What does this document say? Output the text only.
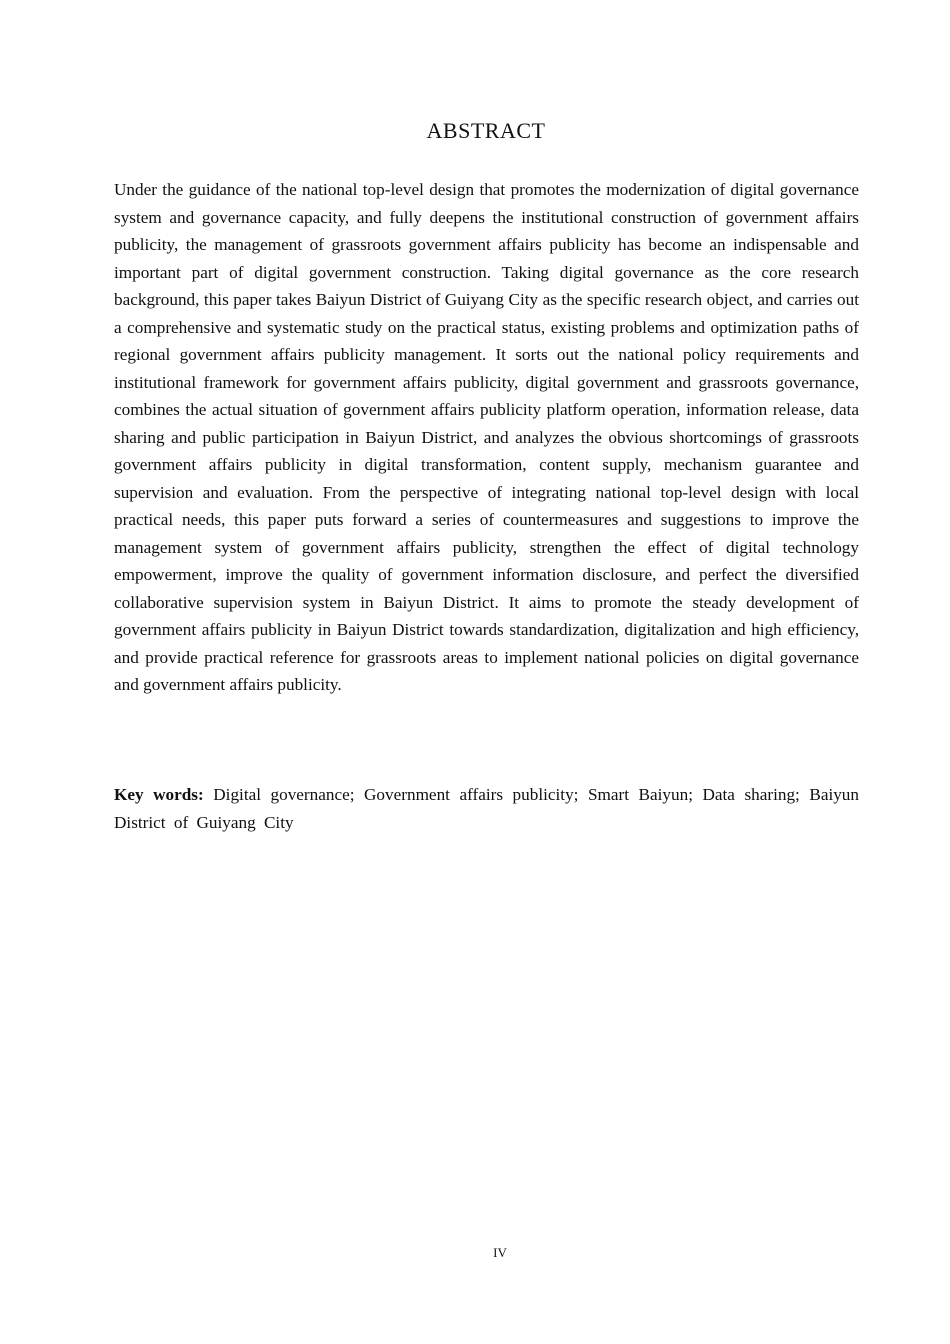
ABSTRACT

Under the guidance of the national top-level design that promotes the modernization of digital governance system and governance capacity, and fully deepens the institutional construction of government affairs publicity, the management of grassroots government affairs publicity has become an indispensable and important part of digital government construction. Taking digital governance as the core research background, this paper takes Baiyun District of Guiyang City as the specific research object, and carries out a comprehensive and systematic study on the practical status, existing problems and optimization paths of regional government affairs publicity management. It sorts out the national policy requirements and institutional framework for government affairs publicity, digital government and grassroots governance, combines the actual situation of government affairs publicity platform operation, information release, data sharing and public participation in Baiyun District, and analyzes the obvious shortcomings of grassroots government affairs publicity in digital transformation, content supply, mechanism guarantee and supervision and evaluation. From the perspective of integrating national top-level design with local practical needs, this paper puts forward a series of countermeasures and suggestions to improve the management system of government affairs publicity, strengthen the effect of digital technology empowerment, improve the quality of government information disclosure, and perfect the diversified collaborative supervision system in Baiyun District. It aims to promote the steady development of government affairs publicity in Baiyun District towards standardization, digitalization and high efficiency, and provide practical reference for grassroots areas to implement national policies on digital governance and government affairs publicity.

Key words: Digital governance; Government affairs publicity; Smart Baiyun; Data sharing; Baiyun District of Guiyang City

IV
